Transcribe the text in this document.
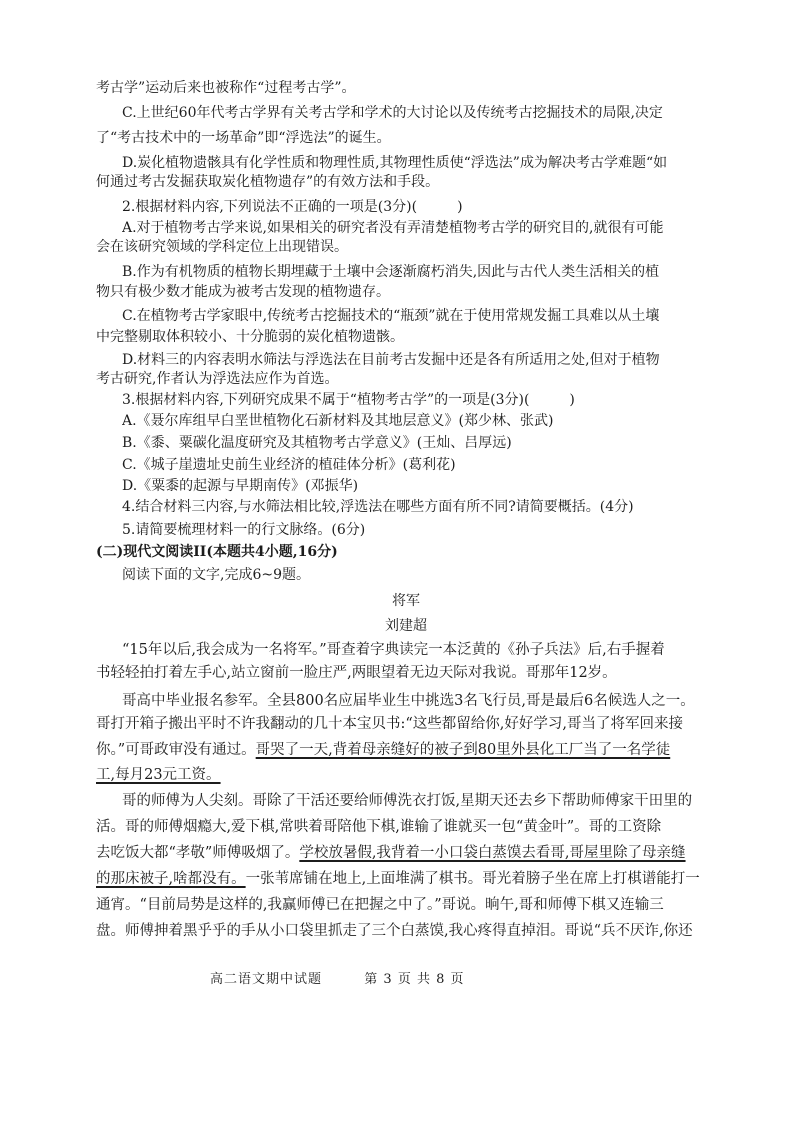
考古学”运动后来也被称作“过程考古学”。
C.上世纪60年代考古学界有关考古学和学术的大讨论以及传统考古挖掘技术的局限,决定
了“考古技术中的一场革命”即“浮选法”的诞生。
D.炭化植物遗骸具有化学性质和物理性质,其物理性质使“浮选法”成为解决考古学难题“如
何通过考古发掘获取炭化植物遗存”的有效方法和手段。
2.根据材料内容,下列说法不正确的一项是(3分)(	)
A.对于植物考古学来说,如果相关的研究者没有弄清楚植物考古学的研究目的,就很有可能
会在该研究领域的学科定位上出现错误。
B.作为有机物质的植物长期埋藏于土壤中会逐渐腐朽消失,因此与古代人类生活相关的植
物只有极少数才能成为被考古发现的植物遗存。
C.在植物考古学家眼中,传统考古挖掘技术的“瓶颈”就在于使用常规发掘工具难以从土壤
中完整剔取体积较小、十分脆弱的炭化植物遗骸。
D.材料三的内容表明水筛法与浮选法在目前考古发掘中还是各有所适用之处,但对于植物
考古研究,作者认为浮选法应作为首选。
3.根据材料内容,下列研究成果不属于“植物考古学”的一项是(3分)(	)
A.《聂尔库组早白垩世植物化石新材料及其地层意义》(郑少林、张武)
B.《黍、粟碳化温度研究及其植物考古学意义》(王灿、吕厚远)
C.《城子崖遗址史前生业经济的植硅体分析》(葛利花)
D.《粟黍的起源与早期南传》(邓振华)
4.结合材料三内容,与水筛法相比较,浮选法在哪些方面有所不同?请简要概括。(4分)
5.请简要梳理材料一的行文脉络。(6分)
(二)现代文阅读II(本题共4小题,16分)
阅读下面的文字,完成6~9题。
将军
刘建超
“15年以后,我会成为一名将军。”哥查着字典读完一本泛黄的《孙子兵法》后,右手握着
书轻轻拍打着左手心,站立窗前一脸庄严,两眼望着无边天际对我说。哥那年12岁。
哥高中毕业报名参军。全县800名应届毕业生中挑选3名飞行员,哥是最后6名候选人之一。
哥打开箱子搬出平时不许我翻动的几十本宝贝书:“这些都留给你,好好学习,哥当了将军回来接
你。”可哥政审没有通过。哥哭了一天,背着母亲缝好的被子到80里外县化工厂当了一名学徒
工,每月23元工资。
哥的师傅为人尖刻。哥除了干活还要给师傅洗衣打饭,星期天还去乡下帮助师傅家干田里的
活。哥的师傅烟瘾大,爱下棋,常哄着哥陪他下棋,谁输了谁就买一包“黄金叶”。哥的工资除
去吃饭大都“孝敬”师傅吸烟了。学校放暑假,我背着一小口袋白蒸馍去看哥,哥屋里除了母亲缝
的那床被子,啥都没有。一张苇席铺在地上,上面堆满了棋书。哥光着膀子坐在席上打棋谱能打一
通宵。“目前局势是这样的,我赢师傅已在把握之中了。”哥说。晌午,哥和师傅下棋又连输三
盘。师傅抻着黑乎乎的手从小口袋里抓走了三个白蒸馍,我心疼得直掉泪。哥说“兵不厌诈,你还
高二语文期中试题	第 3 页 共 8 页
